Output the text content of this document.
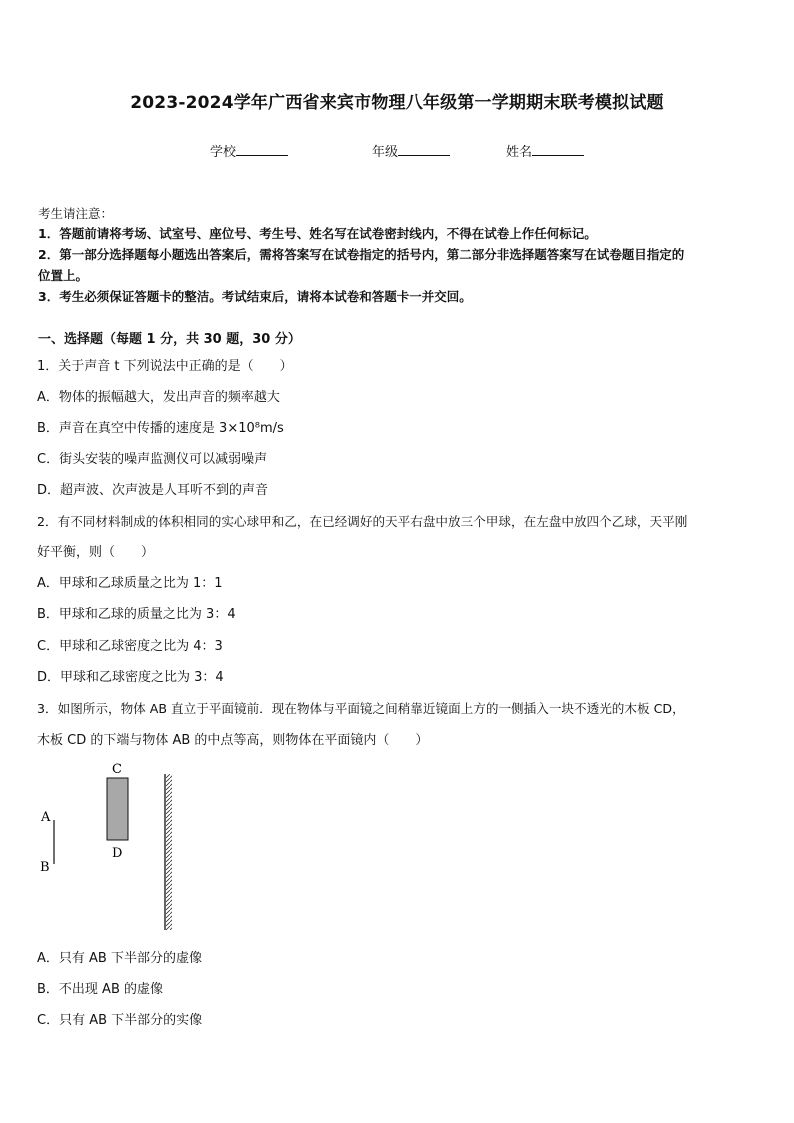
2023-2024学年广西省来宾市物理八年级第一学期期末联考模拟试题
学校	年级	姓名
考生请注意：
1．答题前请将考场、试室号、座位号、考生号、姓名写在试卷密封线内，不得在试卷上作任何标记。
2．第一部分选择题每小题选出答案后，需将答案写在试卷指定的括号内，第二部分非选择题答案写在试卷题目指定的
位置上。
3．考生必须保证答题卡的整洁。考试结束后，请将本试卷和答题卡一并交回。
一、选择题（每题 1 分，共 30 题，30 分）
1．关于声音 t 下列说法中正确的是（　　）
A．物体的振幅越大，发出声音的频率越大
B．声音在真空中传播的速度是 3×10⁸m/s
C．街头安装的噪声监测仪可以减弱噪声
D．超声波、次声波是人耳听不到的声音
2．有不同材料制成的体积相同的实心球甲和乙，在已经调好的天平右盘中放三个甲球，在左盘中放四个乙球，天平刚
好平衡，则（　　）
A．甲球和乙球质量之比为 1：1
B．甲球和乙球的质量之比为 3：4
C．甲球和乙球密度之比为 4：3
D．甲球和乙球密度之比为 3：4
3．如图所示，物体 AB 直立于平面镜前．现在物体与平面镜之间稍靠近镜面上方的一侧插入一块不透光的木板 CD，
木板 CD 的下端与物体 AB 的中点等高，则物体在平面镜内（　　）
A
B
C
D
A．只有 AB 下半部分的虚像
B．不出现 AB 的虚像
C．只有 AB 下半部分的实像
